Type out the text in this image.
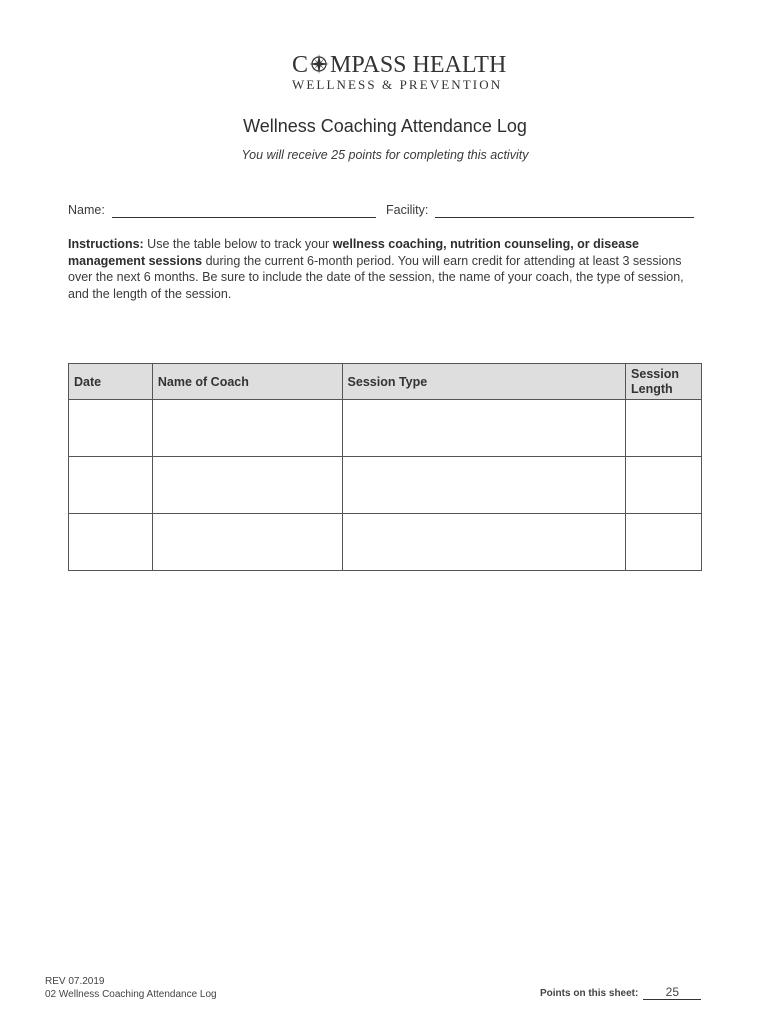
C MPASS HEALTH
WELLNESS & PREVENTION
Wellness Coaching Attendance Log
You will receive 25 points for completing this activity
Name:	Facility:
Instructions: Use the table below to track your wellness coaching, nutrition counseling, or disease management sessions during the current 6-month period. You will earn credit for attending at least 3 sessions over the next 6 months. Be sure to include the date of the session, the name of your coach, the type of session, and the length of the session.
Date	Name of Coach	Session Type	Session
Length

REV 07.2019
02 Wellness Coaching Attendance Log	Points on this sheet: 25
